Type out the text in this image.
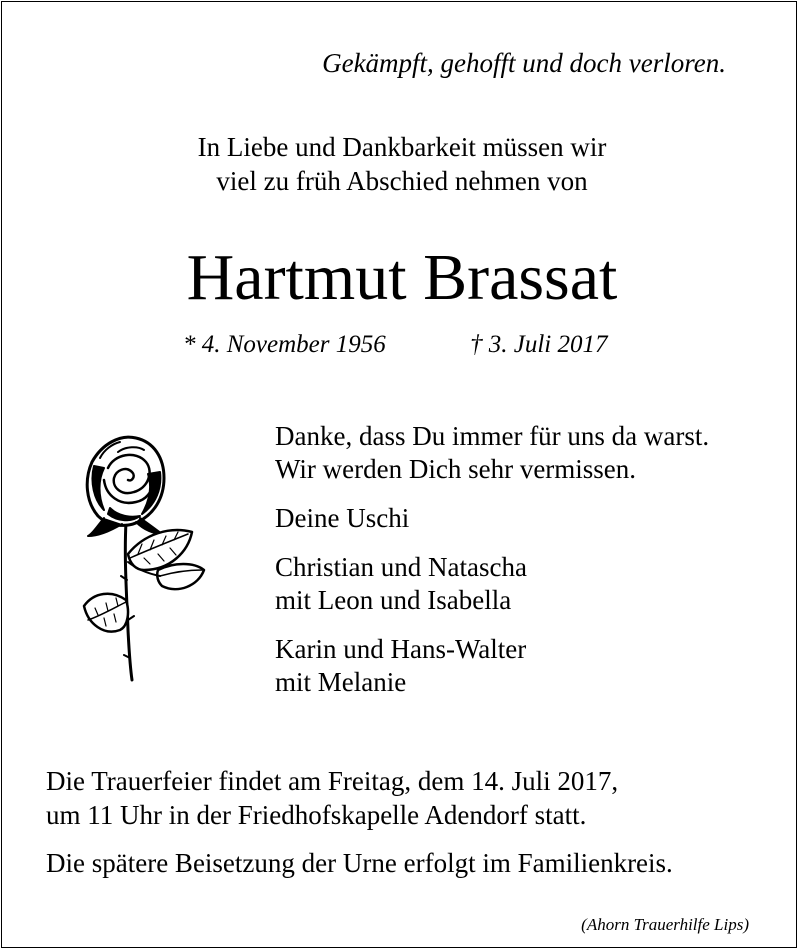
Gekämpft, gehofft und doch verloren.
In Liebe und Dankbarkeit müssen wir
viel zu früh Abschied nehmen von
Hartmut Brassat
* 4. November 1956	† 3. Juli 2017
Danke, dass Du immer für uns da warst.
Wir werden Dich sehr vermissen.
Deine Uschi
Christian und Natascha
mit Leon und Isabella
Karin und Hans-Walter
mit Melanie
Die Trauerfeier findet am Freitag, dem 14. Juli 2017,
um 11 Uhr in der Friedhofskapelle Adendorf statt.
Die spätere Beisetzung der Urne erfolgt im Familienkreis.
(Ahorn Trauerhilfe Lips)
